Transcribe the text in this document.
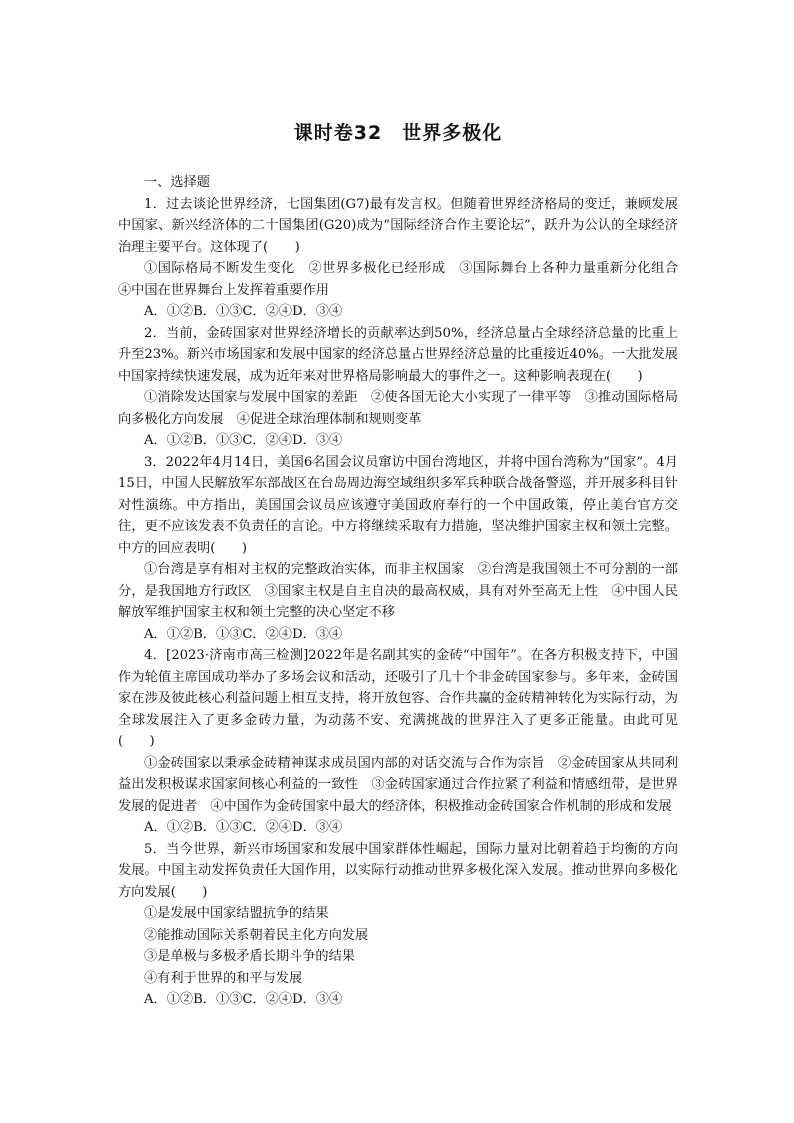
课时卷32　世界多极化
一、选择题

1．过去谈论世界经济，七国集团(G7)最有发言权。但随着世界经济格局的变迁，兼顾发展中国家、新兴经济体的二十国集团(G20)成为“国际经济合作主要论坛”，跃升为公认的全球经济治理主要平台。这体现了(　　)

①国际格局不断发生变化　②世界多极化已经形成　③国际舞台上各种力量重新分化组合　④中国在世界舞台上发挥着重要作用

A．①②B．①③C．②④D．③④

2．当前，金砖国家对世界经济增长的贡献率达到50%，经济总量占全球经济总量的比重上升至23%。新兴市场国家和发展中国家的经济总量占世界经济总量的比重接近40%。一大批发展中国家持续快速发展，成为近年来对世界格局影响最大的事件之一。这种影响表现在(　　)

①消除发达国家与发展中国家的差距　②使各国无论大小实现了一律平等　③推动国际格局向多极化方向发展　④促进全球治理体制和规则变革

A．①②B．①③C．②④D．③④

3．2022年4月14日，美国6名国会议员窜访中国台湾地区，并将中国台湾称为“国家”。4月15日，中国人民解放军东部战区在台岛周边海空域组织多军兵种联合战备警巡，并开展多科目针对性演练。中方指出，美国国会议员应该遵守美国政府奉行的一个中国政策，停止美台官方交往，更不应该发表不负责任的言论。中方将继续采取有力措施，坚决维护国家主权和领土完整。中方的回应表明(　　)

①台湾是享有相对主权的完整政治实体，而非主权国家　②台湾是我国领土不可分割的一部分，是我国地方行政区　③国家主权是自主自决的最高权威，具有对外至高无上性　④中国人民解放军维护国家主权和领土完整的决心坚定不移

A．①②B．①③C．②④D．③④

4．[2023·济南市高三检测]2022年是名副其实的金砖“中国年”。在各方积极支持下，中国作为轮值主席国成功举办了多场会议和活动，还吸引了几十个非金砖国家参与。多年来，金砖国家在涉及彼此核心利益问题上相互支持，将开放包容、合作共赢的金砖精神转化为实际行动，为全球发展注入了更多金砖力量，为动荡不安、充满挑战的世界注入了更多正能量。由此可见(　　)

①金砖国家以秉承金砖精神谋求成员国内部的对话交流与合作为宗旨　②金砖国家从共同利益出发积极谋求国家间核心利益的一致性　③金砖国家通过合作拉紧了利益和情感纽带，是世界发展的促进者　④中国作为金砖国家中最大的经济体，积极推动金砖国家合作机制的形成和发展

A．①②B．①③C．②④D．③④

5．当今世界，新兴市场国家和发展中国家群体性崛起，国际力量对比朝着趋于均衡的方向发展。中国主动发挥负责任大国作用，以实际行动推动世界多极化深入发展。推动世界向多极化方向发展(　　)

①是发展中国家结盟抗争的结果

②能推动国际关系朝着民主化方向发展

③是单极与多极矛盾长期斗争的结果

④有利于世界的和平与发展

A．①②B．①③C．②④D．③④
